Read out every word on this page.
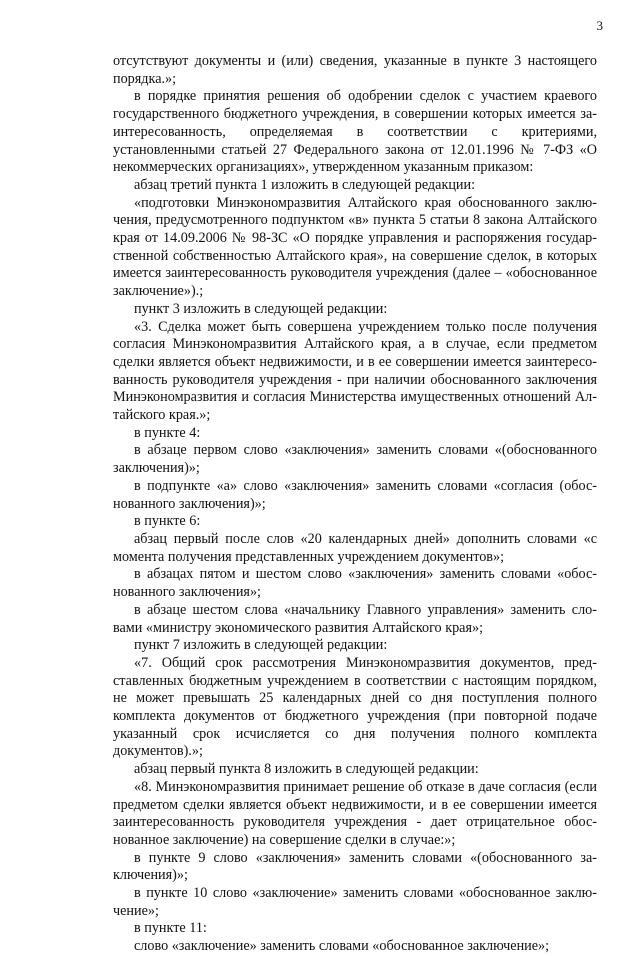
3

отсутствуют документы и (или) сведения, указанные в пункте 3 настоящего порядка.»;

в порядке принятия решения об одобрении сделок с участием краевого государственного бюджетного учреждения, в совершении которых имеется заинтересованность, определяемая в соответствии с критериями, установленными статьей 27 Федерального закона от 12.01.1996 № 7-ФЗ «О некоммерческих организациях», утвержденном указанным приказом:

абзац третий пункта 1 изложить в следующей редакции:

«подготовки Минэкономразвития Алтайского края обоснованного заключения, предусмотренного подпунктом «в» пункта 5 статьи 8 закона Алтайского края от 14.09.2006 № 98-ЗС «О порядке управления и распоряжения государственной собственностью Алтайского края», на совершение сделок, в которых имеется заинтересованность руководителя учреждения (далее – «обоснованное заключение»).;

пункт 3 изложить в следующей редакции:

«3. Сделка может быть совершена учреждением только после получения согласия Минэкономразвития Алтайского края, а в случае, если предметом сделки является объект недвижимости, и в ее совершении имеется заинтересованность руководителя учреждения - при наличии обоснованного заключения Минэкономразвития и согласия Министерства имущественных отношений Алтайского края.»;

в пункте 4:

в абзаце первом слово «заключения» заменить словами «(обоснованного заключения)»;

в подпункте «а» слово «заключения» заменить словами «согласия (обоснованного заключения)»;

в пункте 6:

абзац первый после слов «20 календарных дней» дополнить словами «с момента получения представленных учреждением документов»;

в абзацах пятом и шестом слово «заключения» заменить словами «обоснованного заключения»;

в абзаце шестом слова «начальнику Главного управления» заменить словами «министру экономического развития Алтайского края»;

пункт 7 изложить в следующей редакции:

«7. Общий срок рассмотрения Минэкономразвития документов, представленных бюджетным учреждением в соответствии с настоящим порядком, не может превышать 25 календарных дней со дня поступления полного комплекта документов от бюджетного учреждения (при повторной подаче указанный срок исчисляется со дня получения полного комплекта документов).»;

абзац первый пункта 8 изложить в следующей редакции:

«8. Минэкономразвития принимает решение об отказе в даче согласия (если предметом сделки является объект недвижимости, и в ее совершении имеется заинтересованность руководителя учреждения - дает отрицательное обоснованное заключение) на совершение сделки в случае:»;

в пункте 9 слово «заключения» заменить словами «(обоснованного заключения)»;

в пункте 10 слово «заключение» заменить словами «обоснованное заключение»;

в пункте 11:

слово «заключение» заменить словами «обоснованное заключение»;
